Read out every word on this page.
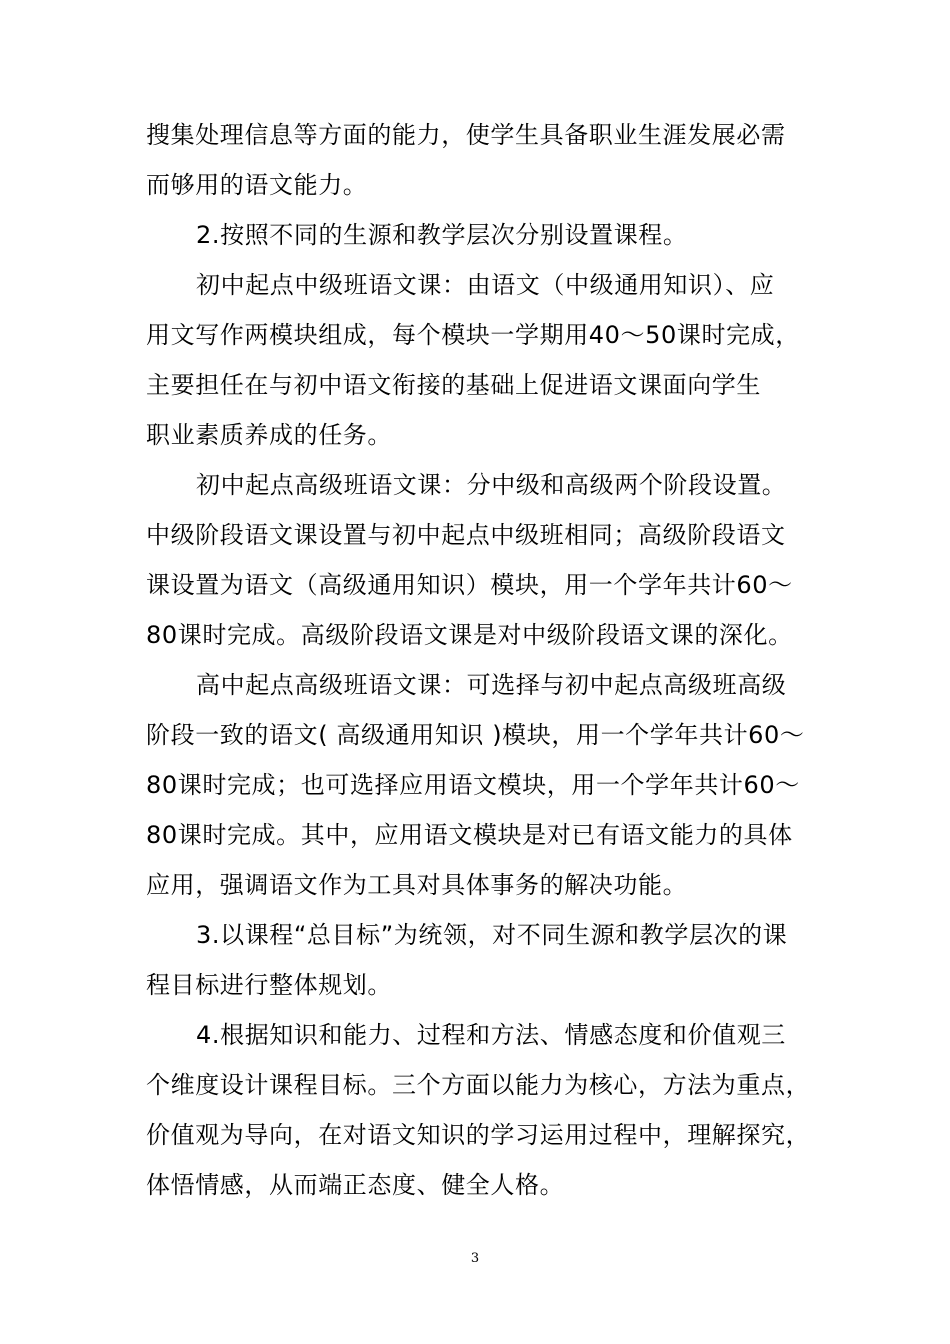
搜集处理信息等方面的能力，使学生具备职业生涯发展必需
而够用的语文能力。
2.按照不同的生源和教学层次分别设置课程。
初中起点中级班语文课：由语文（中级通用知识）、应
用文写作两模块组成，每个模块一学期用40～50课时完成，
主要担任在与初中语文衔接的基础上促进语文课面向学生
职业素质养成的任务。
初中起点高级班语文课：分中级和高级两个阶段设置。
中级阶段语文课设置与初中起点中级班相同；高级阶段语文
课设置为语文（高级通用知识）模块，用一个学年共计60～
80课时完成。高级阶段语文课是对中级阶段语文课的深化。
高中起点高级班语文课：可选择与初中起点高级班高级
阶段一致的语文( 高级通用知识 )模块，用一个学年共计60～
80课时完成；也可选择应用语文模块，用一个学年共计60～
80课时完成。其中，应用语文模块是对已有语文能力的具体
应用，强调语文作为工具对具体事务的解决功能。
3.以课程“总目标”为统领，对不同生源和教学层次的课
程目标进行整体规划。
4.根据知识和能力、过程和方法、情感态度和价值观三
个维度设计课程目标。三个方面以能力为核心，方法为重点，
价值观为导向，在对语文知识的学习运用过程中，理解探究，
体悟情感，从而端正态度、健全人格。
3
